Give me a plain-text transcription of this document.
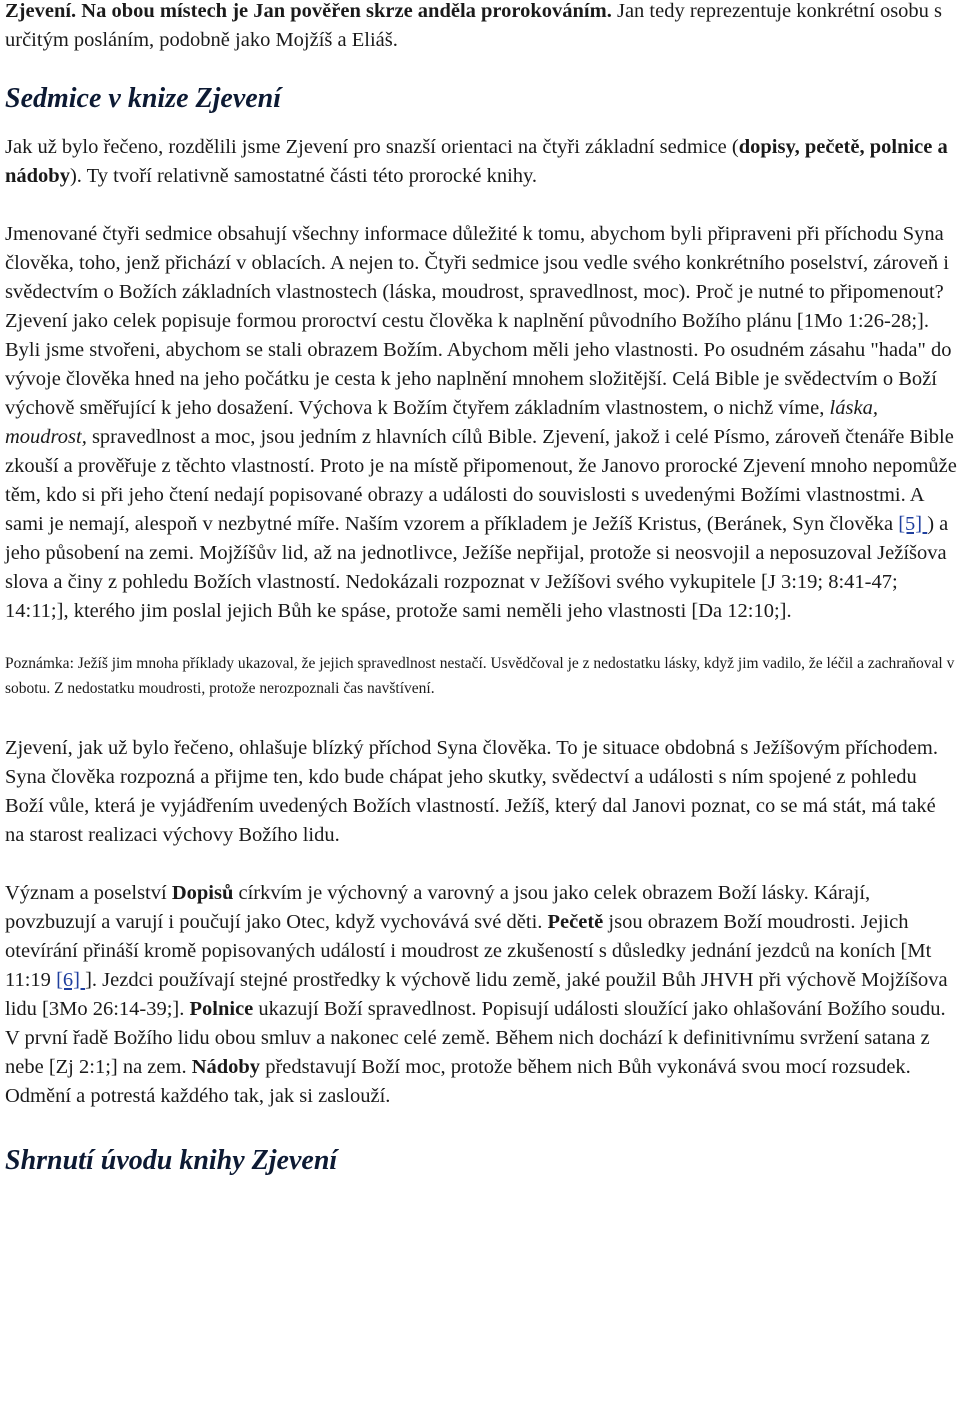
Zjevení. Na obou místech je Jan pověřen skrze anděla prorokováním. Jan tedy reprezentuje konkrétní osobu s určitým posláním, podobně jako Mojžíš a Eliáš.

Sedmice v knize Zjevení

Jak už bylo řečeno, rozdělili jsme Zjevení pro snazší orientaci na čtyři základní sedmice (dopisy, pečetě, polnice a nádoby). Ty tvoří relativně samostatné části této prorocké knihy.

Jmenované čtyři sedmice obsahují všechny informace důležité k tomu, abychom byli připraveni při příchodu Syna člověka, toho, jenž přichází v oblacích. A nejen to. Čtyři sedmice jsou vedle svého konkrétního poselství, zároveň i svědectvím o Božích základních vlastnostech (láska, moudrost, spravedlnost, moc). Proč je nutné to připomenout? Zjevení jako celek popisuje formou proroctví cestu člověka k naplnění původního Božího plánu [1Mo 1:26-28;]. Byli jsme stvořeni, abychom se stali obrazem Božím. Abychom měli jeho vlastnosti. Po osudném zásahu "hada" do vývoje člověka hned na jeho počátku je cesta k jeho naplnění mnohem složitější. Celá Bible je svědectvím o Boží výchově směřující k jeho dosažení. Výchova k Božím čtyřem základním vlastnostem, o nichž víme, láska, moudrost, spravedlnost a moc, jsou jedním z hlavních cílů Bible. Zjevení, jakož i celé Písmo, zároveň čtenáře Bible zkouší a prověřuje z těchto vlastností. Proto je na místě připomenout, že Janovo prorocké Zjevení mnoho nepomůže těm, kdo si při jeho čtení nedají popisované obrazy a události do souvislosti s uvedenými Božími vlastnostmi. A sami je nemají, alespoň v nezbytné míře. Naším vzorem a příkladem je Ježíš Kristus, (Beránek, Syn člověka [5] ) a jeho působení na zemi. Mojžíšův lid, až na jednotlivce, Ježíše nepřijal, protože si neosvojil a neposuzoval Ježíšova slova a činy z pohledu Božích vlastností. Nedokázali rozpoznat v Ježíšovi svého vykupitele [J 3:19; 8:41-47; 14:11;], kterého jim poslal jejich Bůh ke spáse, protože sami neměli jeho vlastnosti [Da 12:10;].

Poznámka: Ježíš jim mnoha příklady ukazoval, že jejich spravedlnost nestačí. Usvědčoval je z nedostatku lásky, když jim vadilo, že léčil a zachraňoval v sobotu. Z nedostatku moudrosti, protože nerozpoznali čas navštívení.

Zjevení, jak už bylo řečeno, ohlašuje blízký příchod Syna člověka. To je situace obdobná s Ježíšovým příchodem. Syna člověka rozpozná a přijme ten, kdo bude chápat jeho skutky, svědectví a události s ním spojené z pohledu Boží vůle, která je vyjádřením uvedených Božích vlastností. Ježíš, který dal Janovi poznat, co se má stát, má také na starost realizaci výchovy Božího lidu.

Význam a poselství Dopisů církvím je výchovný a varovný a jsou jako celek obrazem Boží lásky. Kárají, povzbuzují a varují i poučují jako Otec, když vychovává své děti. Pečetě jsou obrazem Boží moudrosti. Jejich otevírání přináší kromě popisovaných událostí i moudrost ze zkušeností s důsledky jednání jezdců na koních [Mt 11:19 [6] ]. Jezdci používají stejné prostředky k výchově lidu země, jaké použil Bůh JHVH při výchově Mojžíšova lidu [3Mo 26:14-39;]. Polnice ukazují Boží spravedlnost. Popisují události sloužící jako ohlašování Božího soudu. V první řadě Božího lidu obou smluv a nakonec celé země. Během nich dochází k definitivnímu svržení satana z nebe [Zj 2:1;] na zem. Nádoby představují Boží moc, protože během nich Bůh vykonává svou mocí rozsudek. Odmění a potrestá každého tak, jak si zaslouží.

Shrnutí úvodu knihy Zjevení
